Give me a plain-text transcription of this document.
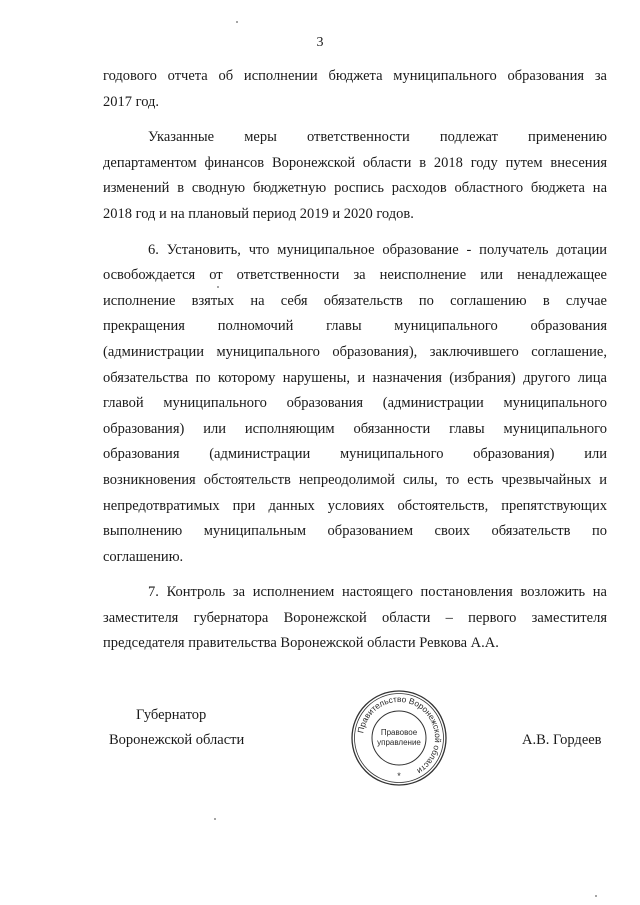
3
годового отчета об исполнении бюджета муниципального образования за
2017 год.
Указанные меры ответственности подлежат применению
департаментом финансов Воронежской области в 2018 году путем внесения
изменений в сводную бюджетную роспись расходов областного бюджета на
2018 год и на плановый период 2019 и 2020 годов.
6. Установить, что муниципальное образование - получатель дотации
освобождается от ответственности за неисполнение или ненадлежащее
исполнение взятых на себя обязательств по соглашению в случае
прекращения полномочий главы муниципального образования
(администрации муниципального образования), заключившего соглашение,
обязательства по которому нарушены, и назначения (избрания) другого лица
главой муниципального образования (администрации муниципального
образования) или исполняющим обязанности главы муниципального
образования (администрации муниципального образования) или
возникновения обстоятельств непреодолимой силы, то есть чрезвычайных и
непредотвратимых при данных условиях обстоятельств, препятствующих
выполнению муниципальным образованием своих обязательств по
соглашению.
7. Контроль за исполнением настоящего постановления возложить на
заместителя губернатора Воронежской области – первого заместителя
председателя правительства Воронежской области Ревкова А.А.
Губернатор
Воронежской области	А.В. Гордеев
Правительство Воронежской области
Правовое
управление
*
